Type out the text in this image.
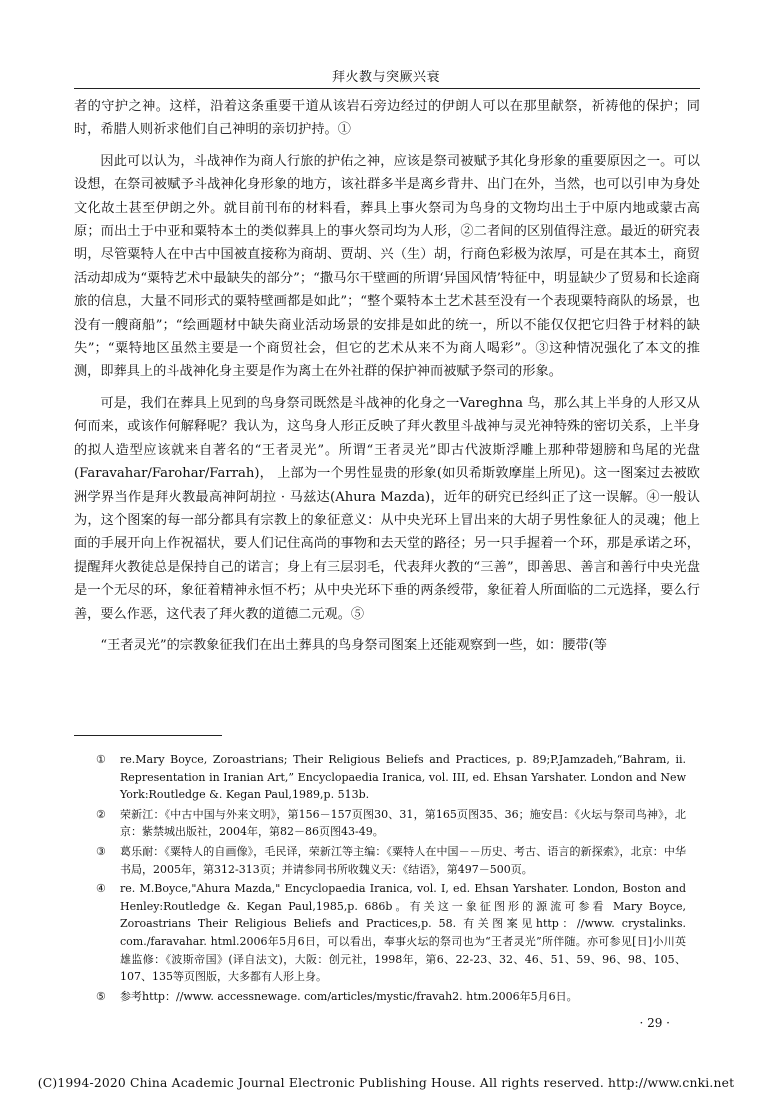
拜火教与突厥兴衰

者的守护之神。这样，沿着这条重要干道从该岩石旁边经过的伊朗人可以在那里献祭，祈祷他的保护；同时，希腊人则祈求他们自己神明的亲切护持。①

因此可以认为，斗战神作为商人行旅的护佑之神，应该是祭司被赋予其化身形象的重要原因之一。可以设想，在祭司被赋予斗战神化身形象的地方，该社群多半是离乡背井、出门在外，当然，也可以引申为身处文化故土甚至伊朗之外。就目前刊布的材料看，葬具上事火祭司为鸟身的文物均出土于中原内地或蒙古高原；而出土于中亚和粟特本土的类似葬具上的事火祭司均为人形，②二者间的区别值得注意。最近的研究表明，尽管粟特人在中古中国被直接称为商胡、贾胡、兴（生）胡，行商色彩极为浓厚，可是在其本土，商贸活动却成为“粟特艺术中最缺失的部分”；“撒马尔干壁画的所谓‘异国风情’特征中，明显缺少了贸易和长途商旅的信息，大量不同形式的粟特壁画都是如此”；“整个粟特本土艺术甚至没有一个表现粟特商队的场景，也没有一艘商船”；“绘画题材中缺失商业活动场景的安排是如此的统一，所以不能仅仅把它归咎于材料的缺失”；“粟特地区虽然主要是一个商贸社会，但它的艺术从来不为商人喝彩”。③这种情况强化了本文的推测，即葬具上的斗战神化身主要是作为离土在外社群的保护神而被赋予祭司的形象。

可是，我们在葬具上见到的鸟身祭司既然是斗战神的化身之一Vareghna 鸟，那么其上半身的人形又从何而来，或该作何解释呢？我认为，这鸟身人形正反映了拜火教里斗战神与灵光神特殊的密切关系，上半身的拟人造型应该就来自著名的“王者灵光”。所谓“王者灵光”即古代波斯浮雕上那种带翅膀和鸟尾的光盘 (Faravahar/Farohar/Farrah)， 上部为一个男性显贵的形象(如贝希斯敦摩崖上所见)。这一图案过去被欧洲学界当作是拜火教最高神阿胡拉 · 马兹达(Ahura Mazda)，近年的研究已经纠正了这一误解。④一般认为，这个图案的每一部分都具有宗教上的象征意义：从中央光环上冒出来的大胡子男性象征人的灵魂；他上面的手展开向上作祝福状，要人们记住高尚的事物和去天堂的路径；另一只手握着一个环，那是承诺之环，提醒拜火教徒总是保持自己的诺言；身上有三层羽毛，代表拜火教的“三善”，即善思、善言和善行中央光盘是一个无尽的环，象征着精神永恒不朽；从中央光环下垂的两条绶带，象征着人所面临的二元选择，要么行善，要么作恶，这代表了拜火教的道德二元观。⑤

“王者灵光”的宗教象征我们在出土葬具的鸟身祭司图案上还能观察到一些，如：腰带(等

①	re.Mary Boyce, Zoroastrians; Their Religious Beliefs and Practices, p. 89;P.Jamzadeh,“Bahram, ii. Representation in Iranian Art,” Encyclopaedia Iranica, vol. III, ed. Ehsan Yarshater. London and New York:Routledge &. Kegan Paul,1989,p. 513b.
②	荣新江：《中古中国与外来文明》，第156－157页图30、31，第165页图35、36；施安昌：《火坛与祭司鸟神》，北京：紫禁城出版社，2004年，第82－86页图43-49。
③	葛乐耐：《粟特人的自画像》，毛民译，荣新江等主编：《粟特人在中国－－历史、考古、语言的新探索》，北京：中华书局，2005年，第312-313页；并请参同书所收魏义天：《结语》，第497－500页。
④	re. M.Boyce,"Ahura Mazda," Encyclopaedia Iranica, vol. I, ed. Ehsan Yarshater. London, Boston and Henley:Routledge &. Kegan Paul,1985,p. 686b。有关这一象征图形的源流可参看 Mary Boyce, Zoroastrians Their Religious Beliefs and Practices,p. 58. 有关图案见http：//www. crystalinks. com./faravahar. html.2006年5月6日，可以看出，奉事火坛的祭司也为“王者灵光”所伴随。亦可参见[日]小川英雄监修：《波斯帝国》(译自法文)，大阪：创元社，1998年，第6、22-23、32、46、51、59、96、98、105、107、135等页图版，大多都有人形上身。
⑤	参考http：//www. accessnewage. com/articles/mystic/fravah2. htm.2006年5月6日。
· 29 ·
(C)1994-2020 China Academic Journal Electronic Publishing House. All rights reserved. http://www.cnki.net
